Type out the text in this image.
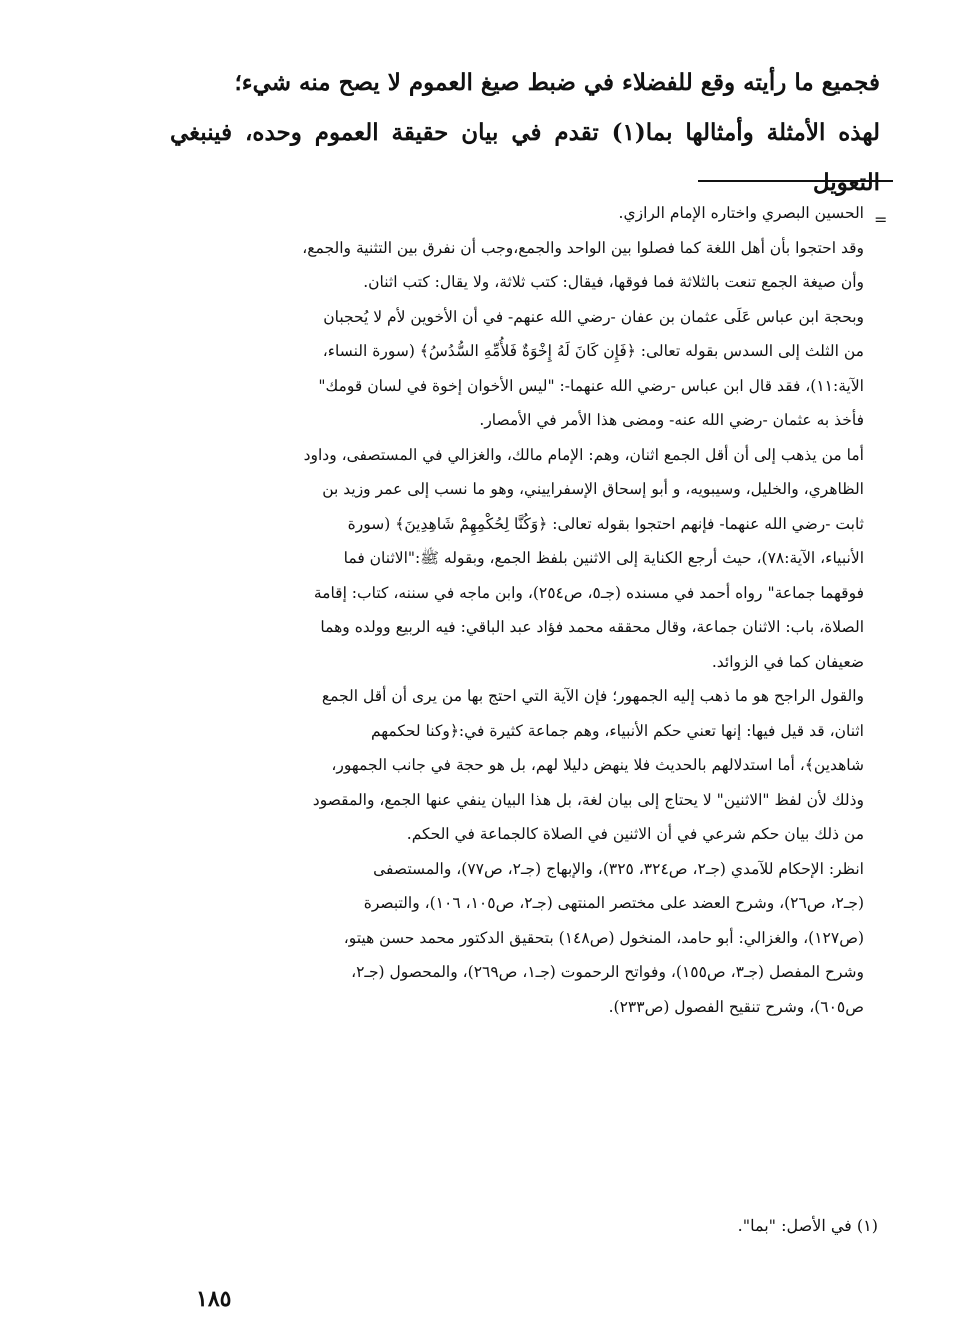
فجميع ما رأيته وقع للفضلاء في ضبط صيغ العموم لا يصح منه شيء؛

لهذه الأمثلة وأمثالها بما(١) تقدم في بيان حقيقة العموم وحده، فينبغي التعويل

=

الحسين البصري واختاره الإمام الرازي.

وقد احتجوا بأن أهل اللغة كما فصلوا بين الواحد والجمع،وجب أن نفرق بين التثنية والجمع،

وأن صيغة الجمع تنعت بالثلاثة فما فوقها، فيقال: كتب ثلاثة، ولا يقال: كتب اثنان.

وبحجة ابن عباس عَلَى عثمان بن عفان -رضي الله عنهم- في أن الأخوين لأم لا يُحجبان

من الثلث إلى السدس بقوله تعالى: ﴿فَإِن كَانَ لَهُ إِخْوَةٌ فَلأُمِّهِ السُّدُسُ﴾ (سورة النساء،

الآية:١١)، فقد قال ابن عباس -رضي الله عنهما-: "ليس الأخوان إخوة في لسان قومك"

فأخذ به عثمان -رضي الله عنه- ومضى هذا الأمر في الأمصار.

أما من يذهب إلى أن أقل الجمع اثنان، وهم: الإمام مالك، والغزالي في المستصفى، وداود

الظاهري، والخليل، وسيبويه، و أبو إسحاق الإسفراييني، وهو ما نسب إلى عمر وزيد بن

ثابت -رضي الله عنهما- فإنهم احتجوا بقوله تعالى: ﴿وَكُنَّا لِحُكْمِهِمْ شَاهِدِينَ﴾ (سورة

الأنبياء، الآية:٧٨)، حيث أرجع الكناية إلى الاثنين بلفظ الجمع، وبقوله ﷺ:"الاثنان فما

فوقهما جماعة" رواه أحمد في مسنده (جـ٥، ص٢٥٤)، وابن ماجه في سننه، كتاب: إقامة

الصلاة، باب: الاثنان جماعة، وقال محققه محمد فؤاد عبد الباقي: فيه الربيع وولده وهما

ضعيفان كما في الزوائد.

والقول الراجح هو ما ذهب إليه الجمهور؛ فإن الآية التي احتج بها من يرى أن أقل الجمع

اثنان، قد قيل فيها: إنها تعني حكم الأنبياء، وهم جماعة كثيرة في:﴿وكنا لحكمهم

شاهدين﴾، أما استدلالهم بالحديث فلا ينهض دليلا لهم، بل هو حجة في جانب الجمهور،

وذلك لأن لفظ "الاثنين" لا يحتاج إلى بيان لغة، بل هذا البيان ينفي عنها الجمع، والمقصود

من ذلك بيان حكم شرعي في أن الاثنين في الصلاة كالجماعة في الحكم.

انظر: الإحكام للآمدي (جـ٢، ص٣٢٤، ٣٢٥)، والإبهاج (جـ٢، ص٧٧)، والمستصفى

(جـ٢، ص٢٦)، وشرح العضد على مختصر المنتهى (جـ٢، ص١٠٥، ١٠٦)، والتبصرة

(ص١٢٧)، والغزالي: أبو حامد، المنخول (ص١٤٨) بتحقيق الدكتور محمد حسن هيتو،

وشرح المفصل (جـ٣، ص١٥٥)، وفواتح الرحموت (جـ١، ص٢٦٩)، والمحصول (جـ٢،

ص٦٠٥)، وشرح تنقيح الفصول (ص٢٣٣).

(١) في الأصل: "بما".
١٨٥
